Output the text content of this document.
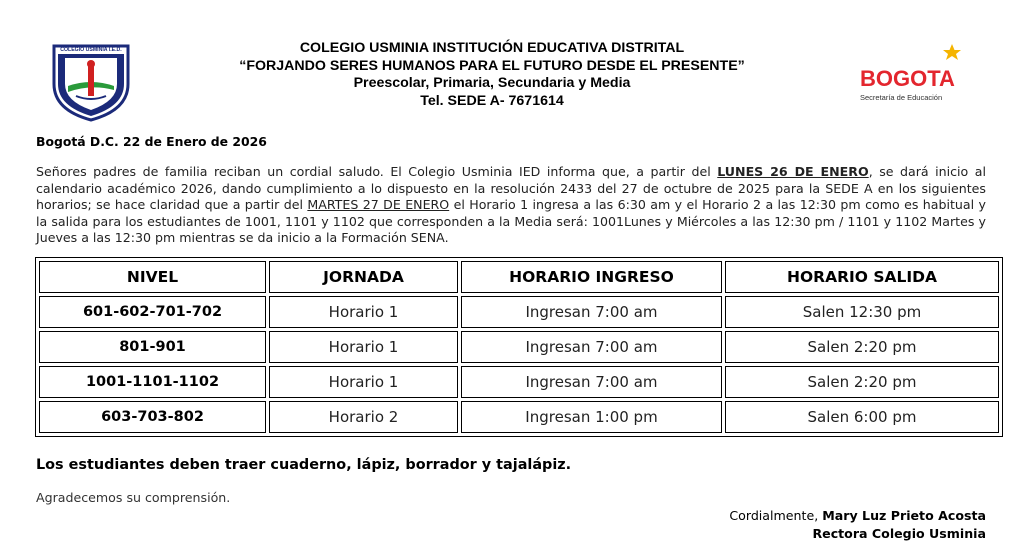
COLEGIO USMINIA I.E.D.	COLEGIO USMINIA INSTITUCIÓN EDUCATIVA DISTRITAL
“FORJANDO SERES HUMANOS PARA EL FUTURO DESDE EL PRESENTE”
Preescolar, Primaria, Secundaria y Media
Tel. SEDE A- 7671614
BOGOTA
Secretaría de Educación
Bogotá D.C. 22 de Enero de 2026
Señores padres de familia reciban un cordial saludo. El Colegio Usminia IED informa que, a partir del LUNES 26 DE ENERO, se dará inicio al calendario académico 2026, dando cumplimiento a lo dispuesto en la resolución 2433 del 27 de octubre de 2025 para la SEDE A en los siguientes horarios; se hace claridad que a partir del MARTES 27 DE ENERO el Horario 1 ingresa a las 6:30 am y el Horario 2 a las 12:30 pm como es habitual y la salida para los estudiantes de 1001, 1101 y 1102 que corresponden a la Media será: 1001Lunes y Miércoles a las 12:30 pm / 1101 y 1102 Martes y Jueves a las 12:30 pm mientras se da inicio a la Formación SENA.
NIVEL	JORNADA	HORARIO INGRESO	HORARIO SALIDA
601-602-701-702	Horario 1	Ingresan 7:00 am	Salen 12:30 pm
801-901	Horario 1	Ingresan 7:00 am	Salen 2:20 pm
1001-1101-1102	Horario 1	Ingresan 7:00 am	Salen 2:20 pm
603-703-802	Horario 2	Ingresan 1:00 pm	Salen 6:00 pm
Los estudiantes deben traer cuaderno, lápiz, borrador y tajalápiz.
Agradecemos su comprensión.
Cordialmente, Mary Luz Prieto Acosta
Rectora Colegio Usminia
